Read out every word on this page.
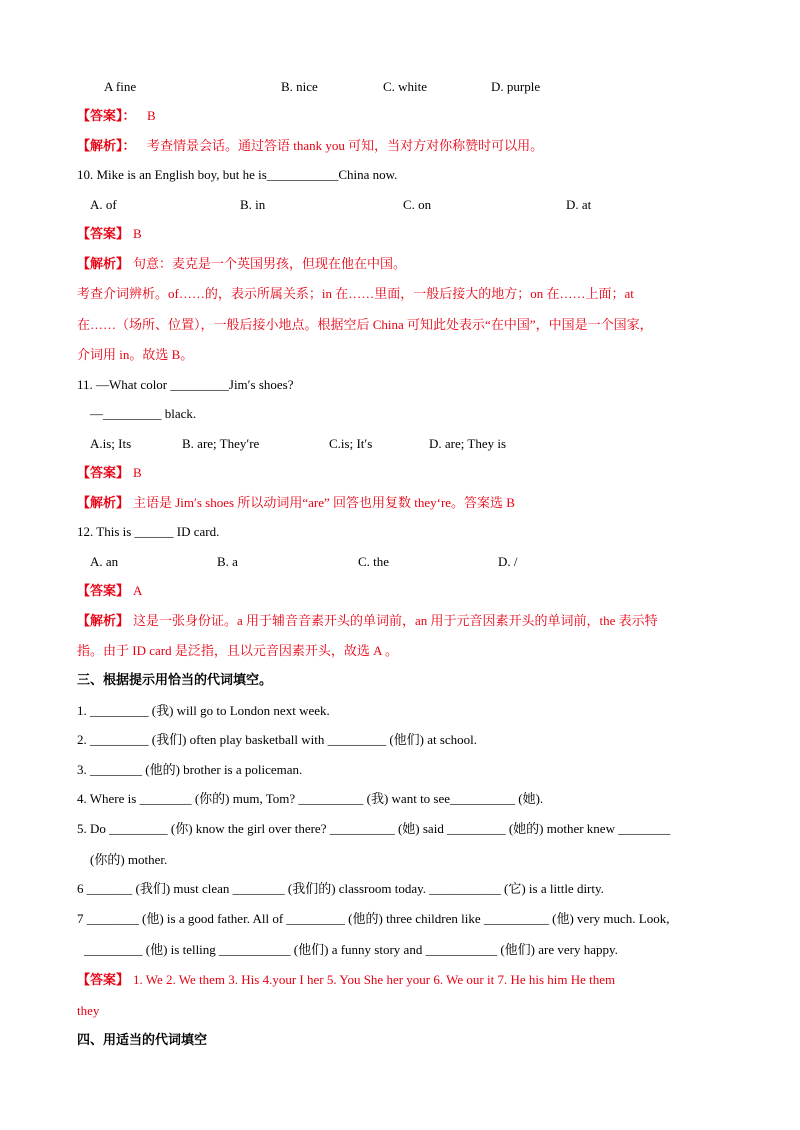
A fine	B. nice	C. white	D. purple
【答案】： B
【解析】： 考查情景会话。通过答语 thank you 可知，当对方对你称赞时可以用。
10. Mike is an English boy, but he is___________China now.
A. of	B. in	C. on	D. at
【答案】 B
【解析】 句意：麦克是一个英国男孩，但现在他在中国。
考查介词辨析。of……的，表示所属关系；in 在……里面，一般后接大的地方；on 在……上面；at
在……（场所、位置），一般后接小地点。根据空后 China 可知此处表示“在中国”，中国是一个国家，
介词用 in。故选 B。
11. —What color _________Jim′s shoes?
—_________ black.
A.is; Its	B. are; They′re	C.is; It′s	D. are; They is
【答案】 B
【解析】 主语是 Jim′s shoes 所以动词用“are” 回答也用复数 they‘re。答案选 B
12. This is ______ ID card.
A. an	B. a	C. the	D. /
【答案】 A
【解析】 这是一张身份证。a 用于辅音音素开头的单词前，an 用于元音因素开头的单词前，the 表示特
指。由于 ID card 是泛指，且以元音因素开头，故选 A 。
三、根据提示用恰当的代词填空。
1. _________ (我) will go to London next week.
2. _________ (我们) often play basketball with _________ (他们) at school.
3. ________ (他的) brother is a policeman.
4. Where is ________ (你的) mum, Tom? __________ (我) want to see__________ (她).
5. Do _________ (你) know the girl over there? __________ (她) said _________ (她的) mother knew ________
(你的) mother.
6 _______ (我们) must clean ________ (我们的) classroom today. ___________ (它) is a little dirty.
7 ________ (他) is a good father. All of _________ (他的) three children like __________ (他) very much. Look,
_________ (他) is telling ___________ (他们) a funny story and ___________ (他们) are very happy.
【答案】 1. We 2. We them 3. His 4.your I her 5. You She her your 6. We our it 7. He his him He them
they
四、用适当的代词填空
